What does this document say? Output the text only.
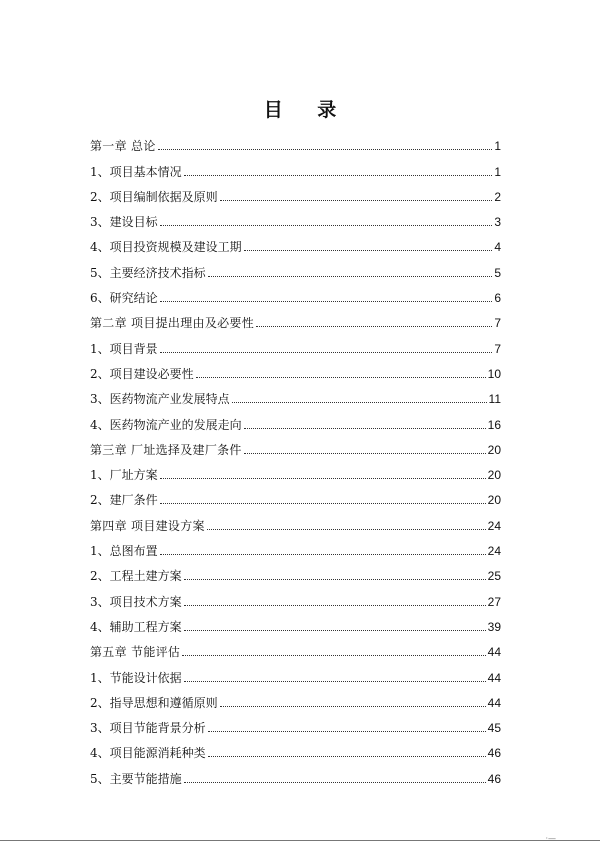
目 录
第一章 总论	1
1、项目基本情况	1
2、项目编制依据及原则	2
3、建设目标	3
4、项目投资规模及建设工期	4
5、主要经济技术指标	5
6、研究结论	6
第二章 项目提出理由及必要性	7
1、项目背景	7
2、项目建设必要性	10
3、医药物流产业发展特点	11
4、医药物流产业的发展走向	16
第三章 厂址选择及建厂条件	20
1、厂址方案	20
2、建厂条件	20
第四章 项目建设方案	24
1、总图布置	24
2、工程土建方案	25
3、项目技术方案	27
4、辅助工程方案	39
第五章 节能评估	44
1、节能设计依据	44
2、指导思想和遵循原则	44
3、项目节能背景分析	45
4、项目能源消耗种类	46
5、主要节能措施	46
·—
